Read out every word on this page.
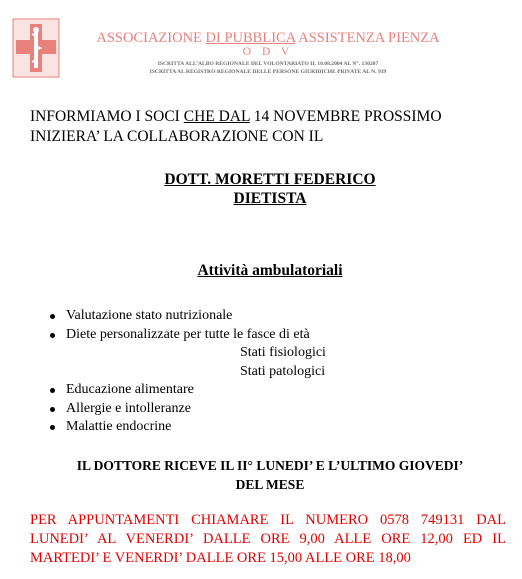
ASSOCIAZIONE DI PUBBLICA ASSISTENZA PIENZA
O D V
ISCRITTA ALL’ALBO REGIONALE DEL VOLONTARIATO IL 10.08.2004 AL N°. 130207
ISCRITTA AL REGISTRO REGIONALE DELLE PERSONE GIURIDICHE PRIVATE AL N. 939
INFORMIAMO I SOCI CHE DAL 14 NOVEMBRE PROSSIMO
INIZIERA’ LA COLLABORAZIONE CON IL
DOTT. MORETTI FEDERICO
DIETISTA
Attività ambulatoriali
Valutazione stato nutrizionale
Diete personalizzate per tutte le fasce di età
Stati fisiologici
Stati patologici
Educazione alimentare
Allergie e intolleranze
Malattie endocrine
IL DOTTORE RICEVE IL II° LUNEDI’ E L’ULTIMO GIOVEDI’
DEL MESE
PER APPUNTAMENTI CHIAMARE IL NUMERO 0578 749131 DAL LUNEDI’ AL VENERDI’ DALLE ORE 9,00 ALLE ORE 12,00 ED IL MARTEDI’ E VENERDI’ DALLE ORE 15,00 ALLE ORE 18,00
